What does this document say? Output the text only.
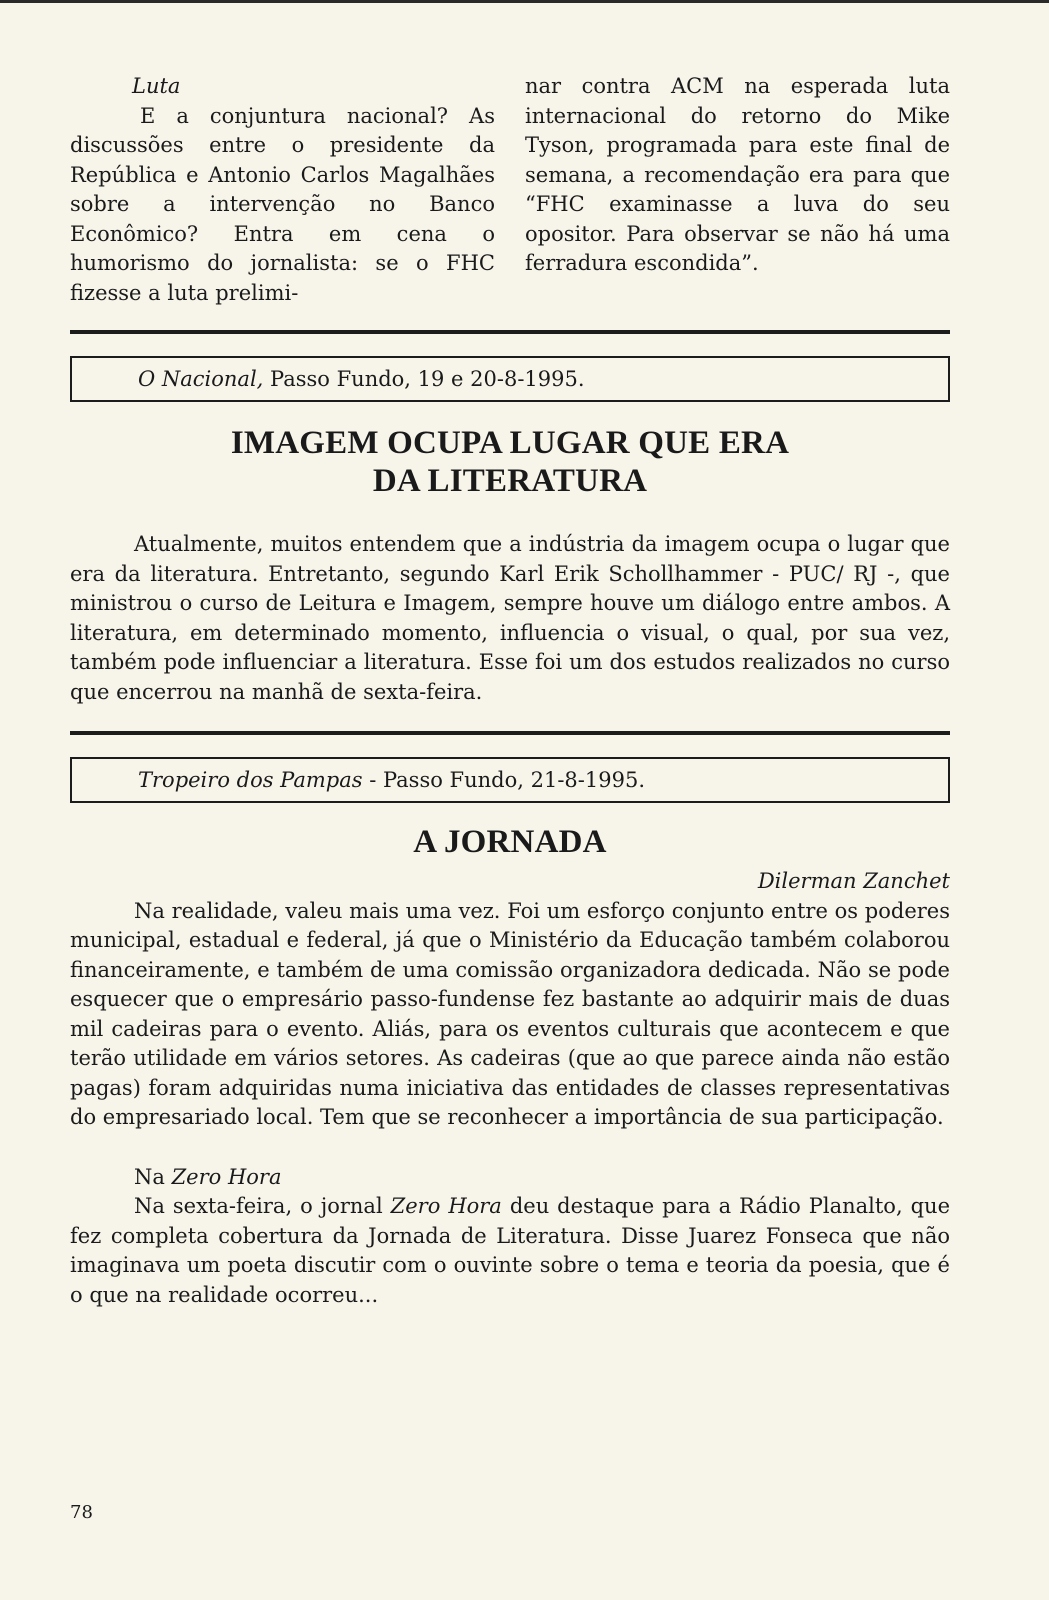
Luta

E a conjuntura nacional? As discussões entre o presidente da República e Antonio Carlos Magalhães sobre a intervenção no Banco Econômico? Entra em cena o humorismo do jornalista: se o FHC fizesse a luta prelimi-

nar contra ACM na esperada luta internacional do retorno do Mike Tyson, programada para este final de semana, a recomendação era para que “FHC examinasse a luva do seu opositor. Para observar se não há uma ferradura escondida”.

O Nacional, Passo Fundo, 19 e 20-8-1995.
IMAGEM OCUPA LUGAR QUE ERA
DA LITERATURA

Atualmente, muitos entendem que a indústria da imagem ocupa o lugar que era da literatura. Entretanto, segundo Karl Erik Schollhammer - PUC/ RJ -, que ministrou o curso de Leitura e Imagem, sempre houve um diálogo entre ambos. A literatura, em determinado momento, influencia o visual, o qual, por sua vez, também pode influenciar a literatura. Esse foi um dos estudos realizados no curso que encerrou na manhã de sexta-feira.

Tropeiro dos Pampas - Passo Fundo, 21-8-1995.
A JORNADA

Dilerman Zanchet

Na realidade, valeu mais uma vez. Foi um esforço conjunto entre os poderes municipal, estadual e federal, já que o Ministério da Educação também colaborou financeiramente, e também de uma comissão organizadora dedicada. Não se pode esquecer que o empresário passo-fundense fez bastante ao adquirir mais de duas mil cadeiras para o evento. Aliás, para os eventos culturais que acontecem e que terão utilidade em vários setores. As cadeiras (que ao que parece ainda não estão pagas) foram adquiridas numa iniciativa das entidades de classes representativas do empresariado local. Tem que se reconhecer a importância de sua participação.

Na Zero Hora

Na sexta-feira, o jornal Zero Hora deu destaque para a Rádio Planalto, que fez completa cobertura da Jornada de Literatura. Disse Juarez Fonseca que não imaginava um poeta discutir com o ouvinte sobre o tema e teoria da poesia, que é o que na realidade ocorreu...

78
